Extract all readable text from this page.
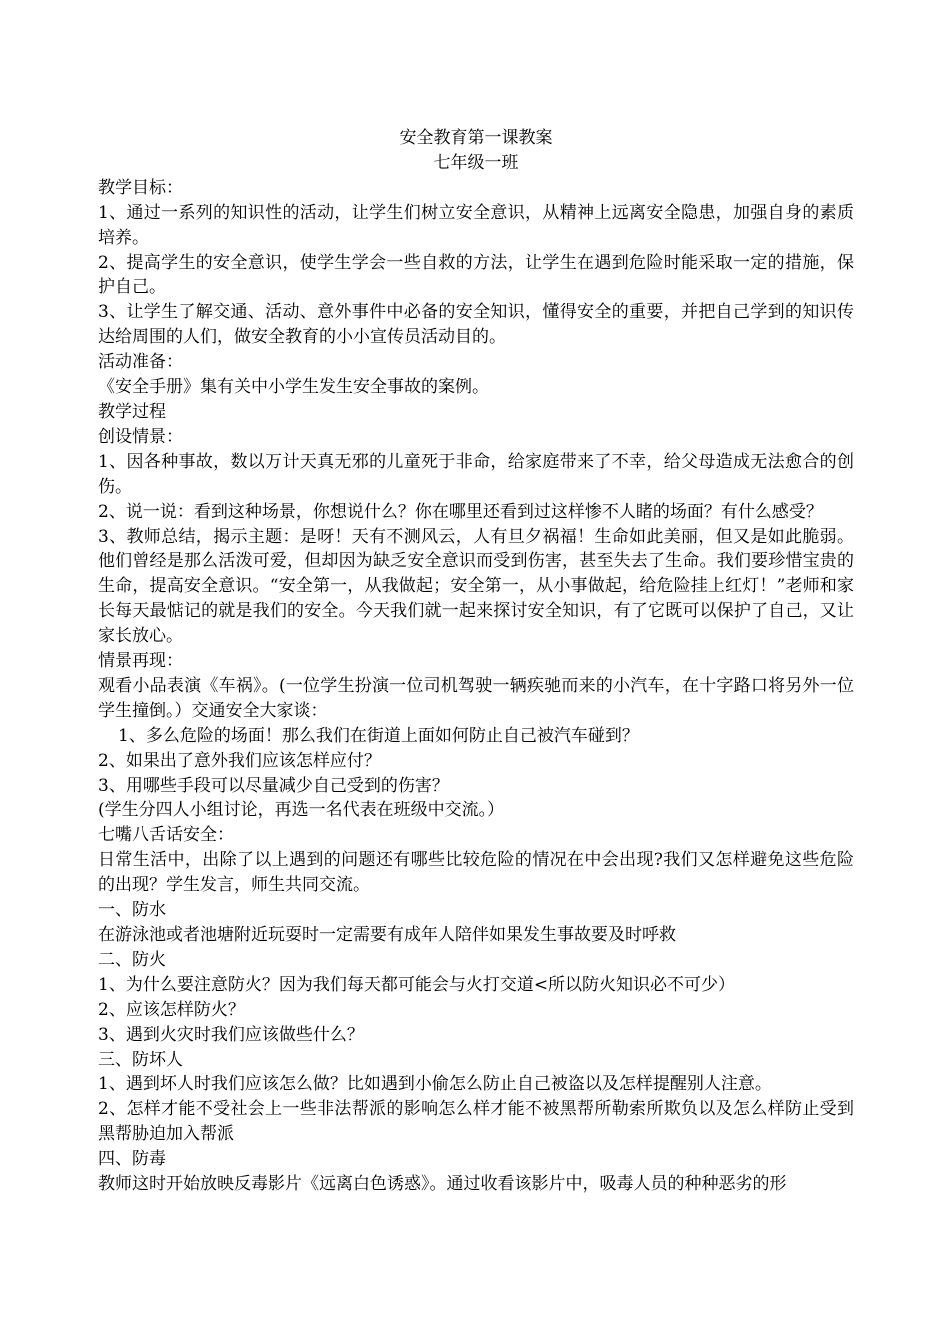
安全教育第一课教案

七年级一班

教学目标：

1、通过一系列的知识性的活动，让学生们树立安全意识，从精神上远离安全隐患，加强自身的素质培养。

2、提高学生的安全意识，使学生学会一些自救的方法，让学生在遇到危险时能采取一定的措施，保护自己。

3、让学生了解交通、活动、意外事件中必备的安全知识，懂得安全的重要，并把自己学到的知识传达给周围的人们，做安全教育的小小宣传员活动目的。

活动准备：

《安全手册》集有关中小学生发生安全事故的案例。

教学过程

创设情景：

1、因各种事故，数以万计天真无邪的儿童死于非命，给家庭带来了不幸，给父母造成无法愈合的创伤。

2、说一说：看到这种场景，你想说什么？你在哪里还看到过这样惨不人睹的场面？有什么感受？

3、教师总结，揭示主题：是呀！天有不测风云，人有旦夕祸福！生命如此美丽，但又是如此脆弱。他们曾经是那么活泼可爱，但却因为缺乏安全意识而受到伤害，甚至失去了生命。我们要珍惜宝贵的生命，提高安全意识。“安全第一，从我做起；安全第一，从小事做起，给危险挂上红灯！”老师和家长每天最惦记的就是我们的安全。今天我们就一起来探讨安全知识，有了它既可以保护了自己，又让家长放心。

情景再现：

观看小品表演《车祸》。(一位学生扮演一位司机驾驶一辆疾驰而来的小汽车，在十字路口将另外一位学生撞倒。）交通安全大家谈：

1、多么危险的场面！那么我们在街道上面如何防止自己被汽车碰到？

2、如果出了意外我们应该怎样应付？

3、用哪些手段可以尽量减少自己受到的伤害？

(学生分四人小组讨论，再选一名代表在班级中交流。）

七嘴八舌话安全：

日常生活中，出除了以上遇到的问题还有哪些比较危险的情况在中会出现?我们又怎样避免这些危险的出现？学生发言，师生共同交流。

一、防水

在游泳池或者池塘附近玩耍时一定需要有成年人陪伴如果发生事故要及时呼救

二、防火

1、为什么要注意防火？因为我们每天都可能会与火打交道<所以防火知识必不可少）

2、应该怎样防火？

3、遇到火灾时我们应该做些什么？

三、防坏人

1、遇到坏人时我们应该怎么做？比如遇到小偷怎么防止自己被盗以及怎样提醒别人注意。

2、怎样才能不受社会上一些非法帮派的影响怎么样才能不被黑帮所勒索所欺负以及怎么样防止受到黑帮胁迫加入帮派

四、防毒

教师这时开始放映反毒影片《远离白色诱惑》。通过收看该影片中，吸毒人员的种种恶劣的形
